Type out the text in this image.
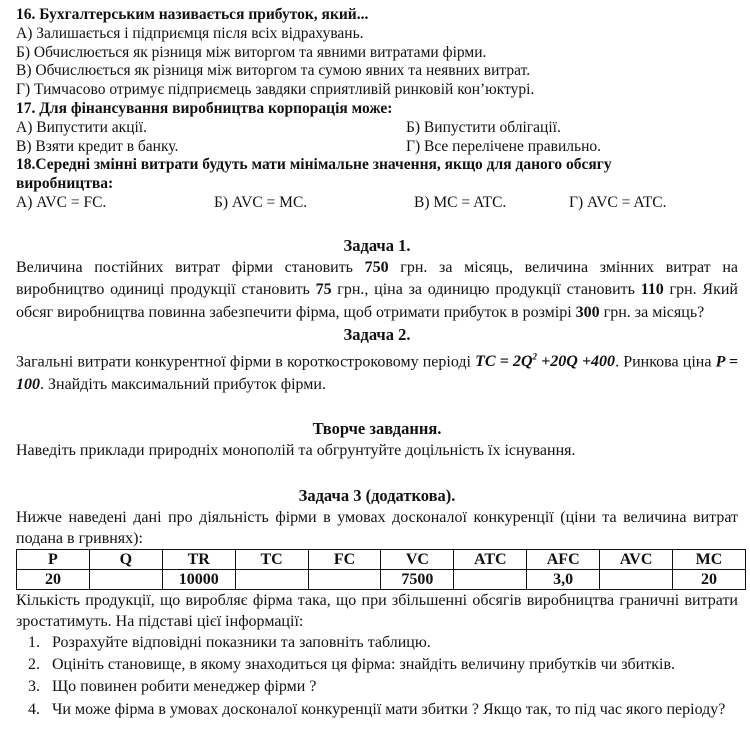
16. Бухгалтерським називається прибуток, який...

А) Залишається і підприємця після всіх відрахувань.

Б) Обчислюється як різниця між виторгом та явними витратами фірми.

В) Обчислюється як різниця між виторгом та сумою явних та неявних витрат.

Г) Тимчасово отримує підприємець завдяки сприятливій ринковій кон’юктурі.

17. Для фінансування виробництва корпорація може:

А) Випустити акції.	Б) Випустити облігації.
В) Взяти кредит в банку.	Г) Все перелічене правильно.

18.Середні змінні витрати будуть мати мінімальне значення, якщо для даного обсягу

виробництва:

А) AVC = FC.	Б) AVC = MC.	В) MC = ATC.	Г) AVC = ATC.

Задача 1.

Величина постійних витрат фірми становить 750 грн. за місяць, величина змінних витрат на виробництво одиниці продукції становить 75 грн., ціна за одиницю продукції становить 110 грн. Який обсяг виробництва повинна забезпечити фірма, щоб отримати прибуток в розмірі 300 грн. за місяць?

Задача 2.

Загальні витрати конкурентної фірми в короткостроковому періоді TC = $2Q^2 +20Q +400$. Ринкова ціна P = 100. Знайдіть максимальний прибуток фірми.

Творче завдання.

Наведіть приклади природніх монополій та обгрунтуйте доцільність їх існування.

Задача 3 (додаткова).

Нижче наведені дані про діяльність фірми в умовах досконалої конкуренції (ціни та величина витрат подана в гривнях):

P	Q	TR	TC	FC	VC	ATC	AFC	AVC	MC
20		10000			7500		3,0		20

Кількість продукції, що виробляє фірма така, що при збільшенні обсягів виробництва граничні витрати зростатимуть. На підставі цієї інформації:

1. Розрахуйте відповідні показники та заповніть таблицю.
2. Оцініть становище, в якому знаходиться ця фірма: знайдіть величину прибутків чи збитків.
3. Що повинен робити менеджер фірми ?
4. Чи може фірма в умовах досконалої конкуренції мати збитки ? Якщо так, то під час якого періоду?
